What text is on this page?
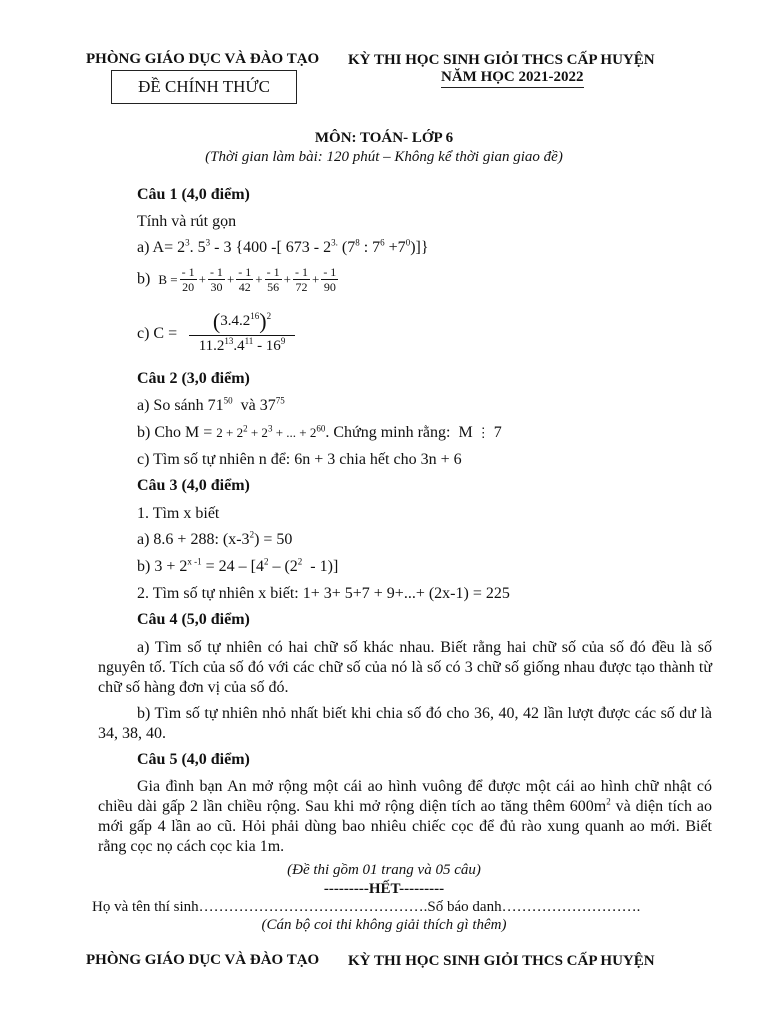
PHÒNG GIÁO DỤC VÀ ĐÀO TẠO KỲ THI HỌC SINH GIỎI THCS CẤP HUYỆN
NĂM HỌC 2021-2022
ĐỀ CHÍNH THỨC
MÔN: TOÁN- LỚP 6
(Thời gian làm bài: 120 phút – Không kể thời gian giao đề)
Câu 1 (4,0 điểm)
Tính và rút gọn
a) $A= 2^3$. $5^3 - 3$ {400 -[ $673 - 2^{3.}$ ($7^8$ : $7^6 +7^0$)]}
b) $B = \frac{- 1}{20} + \frac{- 1}{30} + \frac{- 1}{42} + \frac{- 1}{56} + \frac{- 1}{72} + \frac{- 1}{90}$
c) C =	$(3.4.2^{16})^2$
$11.2^{13}.4^{11} - 16^9$
Câu 2 (3,0 điểm)
a) So sánh $71^{50}$  và $37^{75}$
b) Cho $M = 2 + 2^2 + 2^3$ + ... + $2^{60}$. Chứng minh rằng:  M ⋮ 7
c) Tìm số tự nhiên n để: 6n + 3 chia hết cho 3n + 6
Câu 3 (4,0 điểm)
1. Tìm x biết
a) 8.6 + 288: $(x-3^2) = 50$
b) $3 + 2^{x -1} = 24 - [4^2 - (2^2 - 1)]$
2. Tìm số tự nhiên x biết: 1+ 3+ 5+7 + 9+...+ (2x-1) = 225
Câu 4 (5,0 điểm)
a) Tìm số tự nhiên có hai chữ số khác nhau. Biết rằng hai chữ số của số đó đều là số nguyên tố. Tích của số đó với các chữ số của nó là số có 3 chữ số giống nhau được tạo thành từ chữ số hàng đơn vị của số đó.
b) Tìm số tự nhiên nhỏ nhất biết khi chia số đó cho 36, 40, 42 lần lượt được các số dư là 34, 38, 40.
Câu 5 (4,0 điểm)
Gia đình bạn An mở rộng một cái ao hình vuông để được một cái ao hình chữ nhật có chiều dài gấp 2 lần chiều rộng. Sau khi mở rộng diện tích ao tăng thêm $600m^2$ và diện tích ao mới gấp 4 lần ao cũ. Hỏi phải dùng bao nhiêu chiếc cọc để đủ rào xung quanh ao mới. Biết rằng cọc nọ cách cọc kia 1m.
(Đề thi gồm 01 trang và 05 câu)
---------HẾT---------
Họ và tên thí sinh……………………………………….Số báo danh……………………….
(Cán bộ coi thi không giải thích gì thêm)
PHÒNG GIÁO DỤC VÀ ĐÀO TẠO KỲ THI HỌC SINH GIỎI THCS CẤP HUYỆN
